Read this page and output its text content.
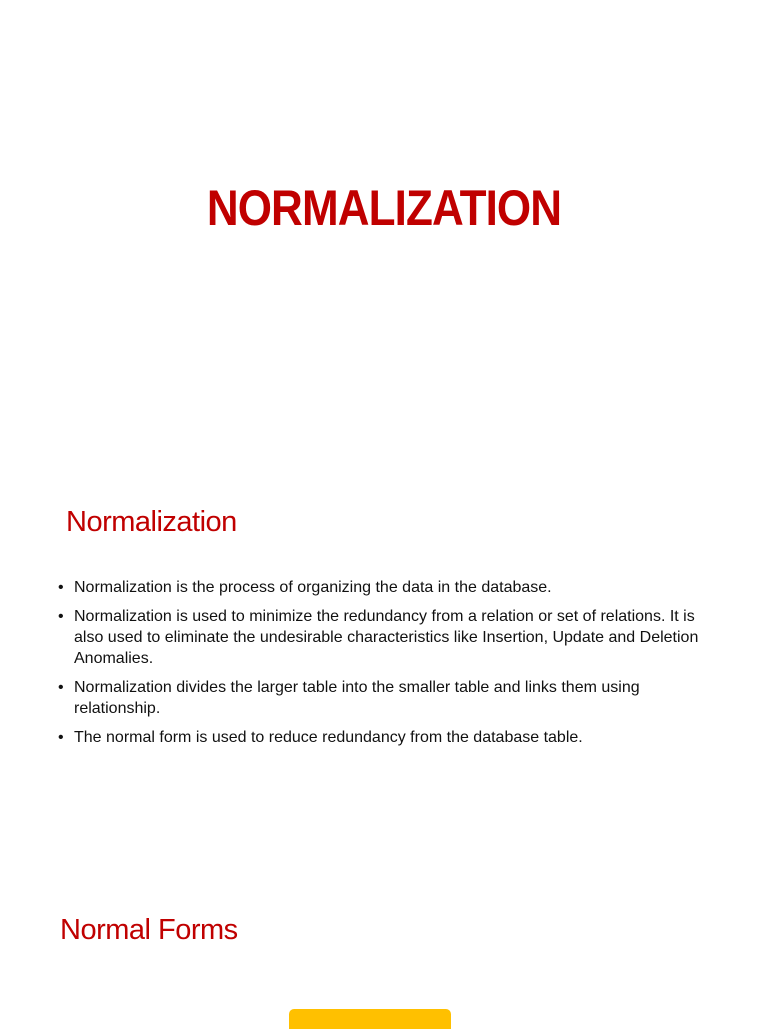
NORMALIZATION
Normalization
• Normalization is the process of organizing the data in the database.
• Normalization is used to minimize the redundancy from a relation or set of relations. It is also used to eliminate the undesirable characteristics like Insertion, Update and Deletion Anomalies.
• Normalization divides the larger table into the smaller table and links them using relationship.
• The normal form is used to reduce redundancy from the database table.
Normal Forms
